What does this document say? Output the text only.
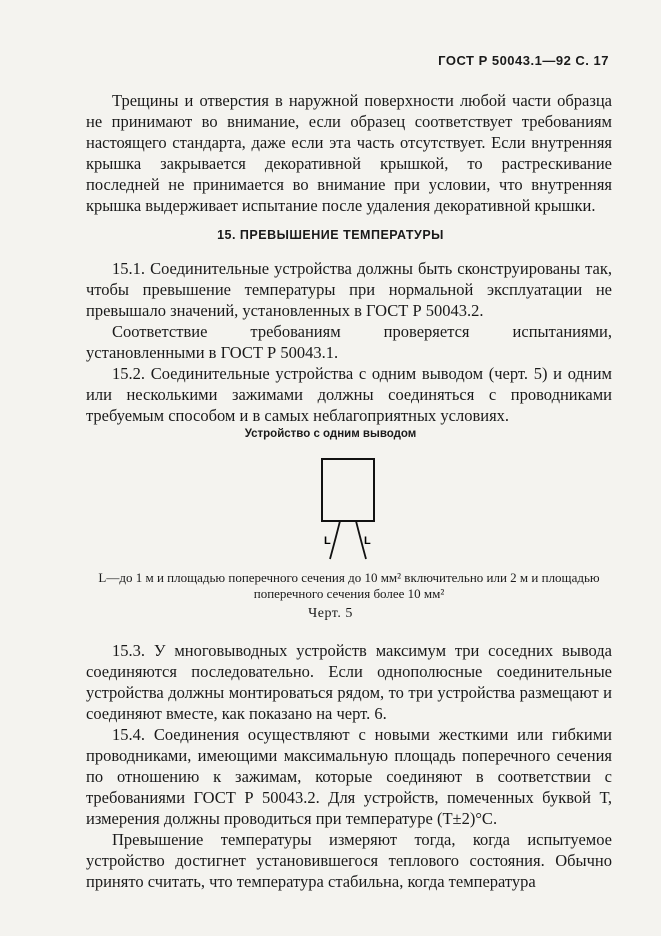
ГОСТ Р 50043.1—92 С. 17

Трещины и отверстия в наружной поверхности любой части образца не принимают во внимание, если образец соответствует требованиям настоящего стандарта, даже если эта часть отсутствует. Если внутренняя крышка закрывается декоративной крышкой, то растрескивание последней не принимается во внимание при условии, что внутренняя крышка выдерживает испытание после удаления декоративной крышки.

15. ПРЕВЫШЕНИЕ ТЕМПЕРАТУРЫ

15.1. Соединительные устройства должны быть сконструированы так, чтобы превышение температуры при нормальной эксплуатации не превышало значений, установленных в ГОСТ Р 50043.2.

Соответствие требованиям проверяется испытаниями, установленными в ГОСТ Р 50043.1.

15.2. Соединительные устройства с одним выводом (черт. 5) и одним или несколькими зажимами должны соединяться с проводниками требуемым способом и в самых неблагоприятных условиях.

Устройство с одним выводом
L	L
L—до 1 м и площадью поперечного сечения до 10 мм² включительно или 2 м и площадью поперечного сечения более 10 мм²
Черт. 5

15.3. У многовыводных устройств максимум три соседних вывода соединяются последовательно. Если однополюсные соединительные устройства должны монтироваться рядом, то три устройства размещают и соединяют вместе, как показано на черт. 6.

15.4. Соединения осуществляют с новыми жесткими или гибкими проводниками, имеющими максимальную площадь поперечного сечения по отношению к зажимам, которые соединяют в соответствии с требованиями ГОСТ Р 50043.2. Для устройств, помеченных буквой Т, измерения должны проводиться при температуре (Т±2)°С.

Превышение температуры измеряют тогда, когда испытуемое устройство достигнет установившегося теплового состояния. Обычно принято считать, что температура стабильна, когда температура
